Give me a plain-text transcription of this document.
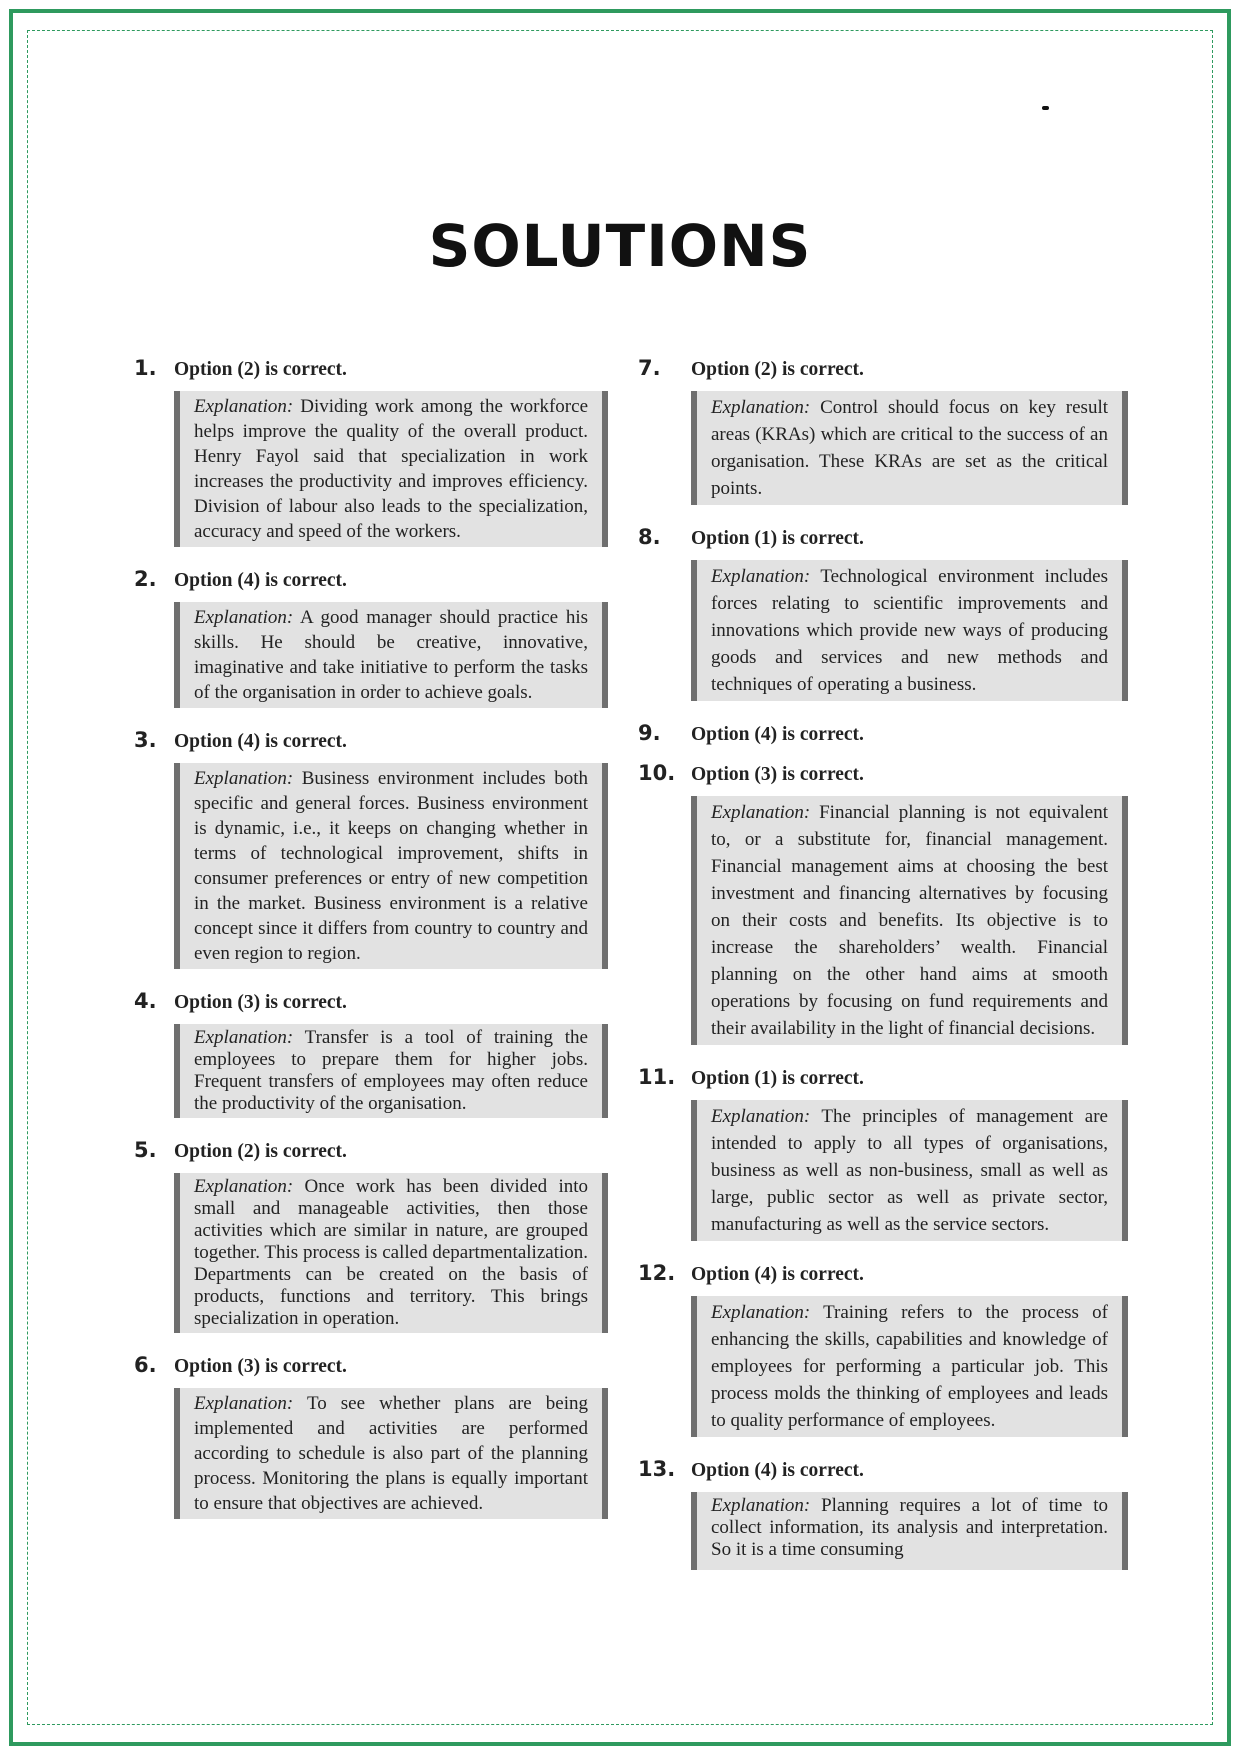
SOLUTIONS
1. Option (2) is correct.
Explanation: Dividing work among the workforce helps improve the quality of the overall product. Henry Fayol said that specialization in work increases the productivity and improves efficiency. Division of labour also leads to the specialization, accuracy and speed of the workers.
2. Option (4) is correct.
Explanation: A good manager should practice his skills. He should be creative, innovative, imaginative and take initiative to perform the tasks of the organisation in order to achieve goals.
3. Option (4) is correct.
Explanation: Business environment includes both specific and general forces. Business environment is dynamic, i.e., it keeps on changing whether in terms of technological improvement, shifts in consumer preferences or entry of new competition in the market. Business environment is a relative concept since it differs from country to country and even region to region.
4. Option (3) is correct.
Explanation: Transfer is a tool of training the employees to prepare them for higher jobs. Frequent transfers of employees may often reduce the productivity of the organisation.
5. Option (2) is correct.
Explanation: Once work has been divided into small and manageable activities, then those activities which are similar in nature, are grouped together. This process is called departmentalization. Departments can be created on the basis of products, functions and territory. This brings specialization in operation.
6. Option (3) is correct.
Explanation: To see whether plans are being implemented and activities are performed according to schedule is also part of the planning process. Monitoring the plans is equally important to ensure that objectives are achieved.
7.	Option (2) is correct.
Explanation: Control should focus on key result areas (KRAs) which are critical to the success of an organisation. These KRAs are set as the critical points.
8.	Option (1) is correct.
Explanation: Technological environment includes forces relating to scientific improvements and innovations which provide new ways of producing goods and services and new methods and techniques of operating a business.
9.	Option (4) is correct.
10. Option (3) is correct.
Explanation: Financial planning is not equivalent to, or a substitute for, financial management. Financial management aims at choosing the best investment and financing alternatives by focusing on their costs and benefits. Its objective is to increase the shareholders’ wealth. Financial planning on the other hand aims at smooth operations by focusing on fund requirements and their availability in the light of financial decisions.
11. Option (1) is correct.
Explanation: The principles of management are intended to apply to all types of organisations, business as well as non-business, small as well as large, public sector as well as private sector, manufacturing as well as the service sectors.
12. Option (4) is correct.
Explanation: Training refers to the process of enhancing the skills, capabilities and knowledge of employees for performing a particular job. This process molds the thinking of employees and leads to quality performance of employees.
13. Option (4) is correct.
Explanation: Planning requires a lot of time to collect information, its analysis and interpretation. So it is a time consuming
